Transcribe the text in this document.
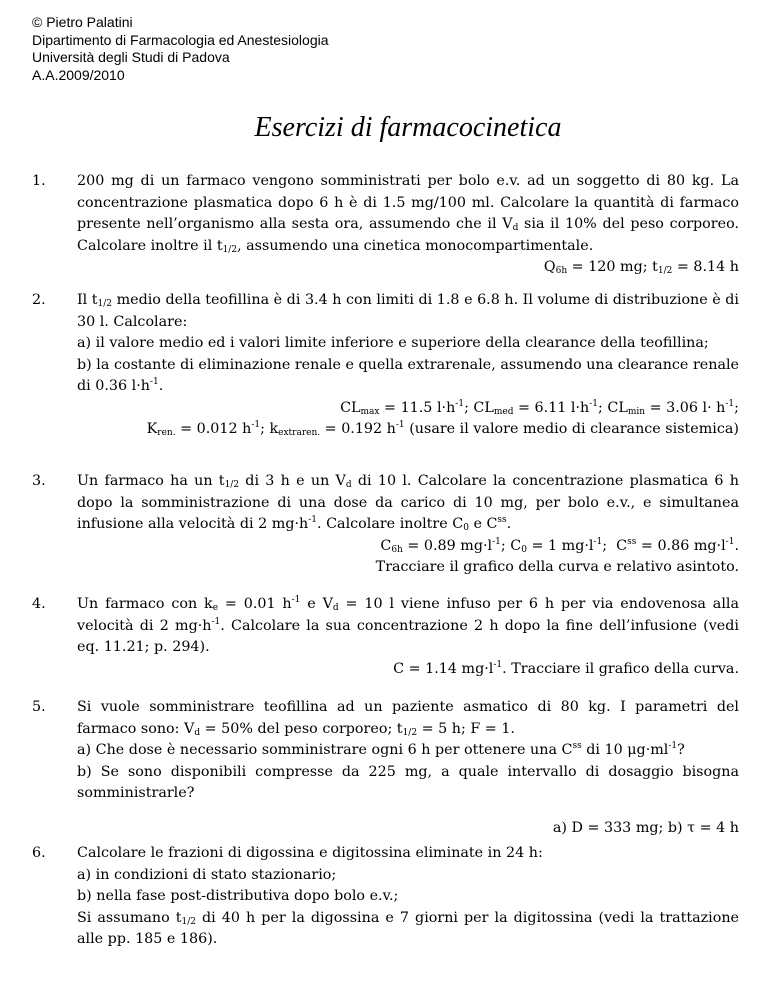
© Pietro Palatini
Dipartimento di Farmacologia ed Anestesiologia
Università degli Studi di Padova
A.A.2009/2010
Esercizi di farmacocinetica
1. 200 mg di un farmaco vengono somministrati per bolo e.v. ad un soggetto di 80 kg. La concentrazione plasmatica dopo 6 h è di 1.5 mg/100 ml. Calcolare la quantità di farmaco presente nell’organismo alla sesta ora, assumendo che il $V_d$ sia il 10% del peso corporeo. Calcolare inoltre il $t_{1/2}$, assumendo una cinetica monocompartimentale.
$Q_{6h} = 120$ mg; $t_{1/2} = 8.14$ h
2. Il $t_{1/2}$ medio della teofillina è di 3.4 h con limiti di 1.8 e 6.8 h. Il volume di distribuzione è di 30 l. Calcolare:
a) il valore medio ed i valori limite inferiore e superiore della clearance della teofillina;
b) la costante di eliminazione renale e quella extrarenale, assumendo una clearance renale di 0.36 $l\cdot h^{-1}$.
$CL_{max} = 11.5$ $l\cdot h^{-1}$; $CL_{med} = 6.11$ $l\cdot h^{-1}$; $CL_{min} = 3.06$ $l\cdot h^{-1}$;
$K_{ren.} = 0.012$ $h^{-1}$; $k_{extraren.} = 0.192$ $h^{-1}$ (usare il valore medio di clearance sistemica)
3. Un farmaco ha un $t_{1/2}$ di 3 h e un $V_d$ di 10 l. Calcolare la concentrazione plasmatica 6 h dopo la somministrazione di una dose da carico di 10 mg, per bolo e.v., e simultanea infusione alla velocità di 2 $mg\cdot h^{-1}$. Calcolare inoltre $C_0$ e $C^{ss}$.
$C_{6h} = 0.89$ $mg\cdot l^{-1}$; $C_0 = 1$ $mg\cdot l^{-1}$;  $C^{ss} = 0.86$ $mg\cdot l^{-1}$.
Tracciare il grafico della curva e relativo asintoto.
4. Un farmaco con $k_e = 0.01$ $h^{-1}$ e $V_d = 10$ l viene infuso per 6 h per via endovenosa alla velocità di 2 $mg\cdot h^{-1}$. Calcolare la sua concentrazione 2 h dopo la fine dell’infusione (vedi eq. 11.21; p. 294).
C = 1.14 $mg\cdot l^{-1}$. Tracciare il grafico della curva.
5. Si vuole somministrare teofillina ad un paziente asmatico di 80 kg. I parametri del farmaco sono: $V_d = 50\%$ del peso corporeo; $t_{1/2} = 5$ h; F = 1.
a) Che dose è necessario somministrare ogni 6 h per ottenere una $C^{ss}$ di 10 $\mu g\cdot ml^{-1}$?
b) Se sono disponibili compresse da 225 mg, a quale intervallo di dosaggio bisogna somministrarle?
a) D = 333 mg; b) τ = 4 h
6. Calcolare le frazioni di digossina e digitossina eliminate in 24 h:
a) in condizioni di stato stazionario;
b) nella fase post-distributiva dopo bolo e.v.;
Si assumano $t_{1/2}$ di 40 h per la digossina e 7 giorni per la digitossina (vedi la trattazione alle pp. 185 e 186).
